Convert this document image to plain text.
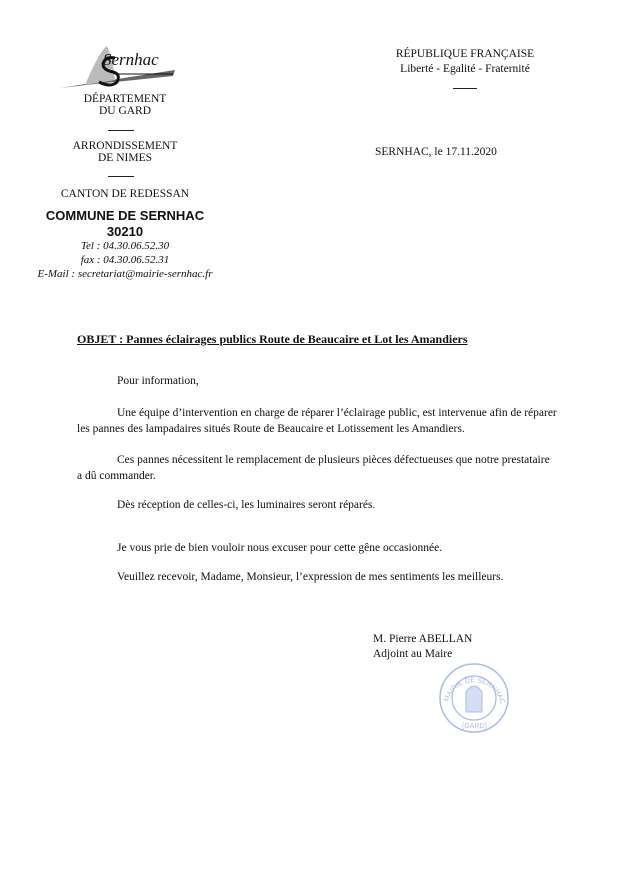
Sernhac
DÉPARTEMENT
DU GARD
ARRONDISSEMENT
DE NIMES
CANTON DE REDESSAN
COMMUNE DE SERNHAC
30210
Tel : 04.30.06.52.30
fax : 04.30.06.52.31
E-Mail : secretariat@mairie-sernhac.fr
RÉPUBLIQUE FRANÇAISE
Liberté - Egalité - Fraternité
SERNHAC, le 17.11.2020
OBJET : Pannes éclairages publics Route de Beaucaire et Lot les Amandiers
Pour information,
Une équipe d’intervention en charge de réparer l’éclairage public, est intervenue afin de réparer les pannes des lampadaires situés Route de Beaucaire et Lotissement les Amandiers.
Ces pannes nécessitent le remplacement de plusieurs pièces défectueuses que notre prestataire a dû commander.
Dès réception de celles-ci, les luminaires seront réparés.
Je vous prie de bien vouloir nous excuser pour cette gêne occasionnée.
Veuillez recevoir, Madame, Monsieur, l’expression de mes sentiments les meilleurs.
M. Pierre ABELLAN
Adjoint au Maire
MAIRIE DE SERNHAC
(GARD)
